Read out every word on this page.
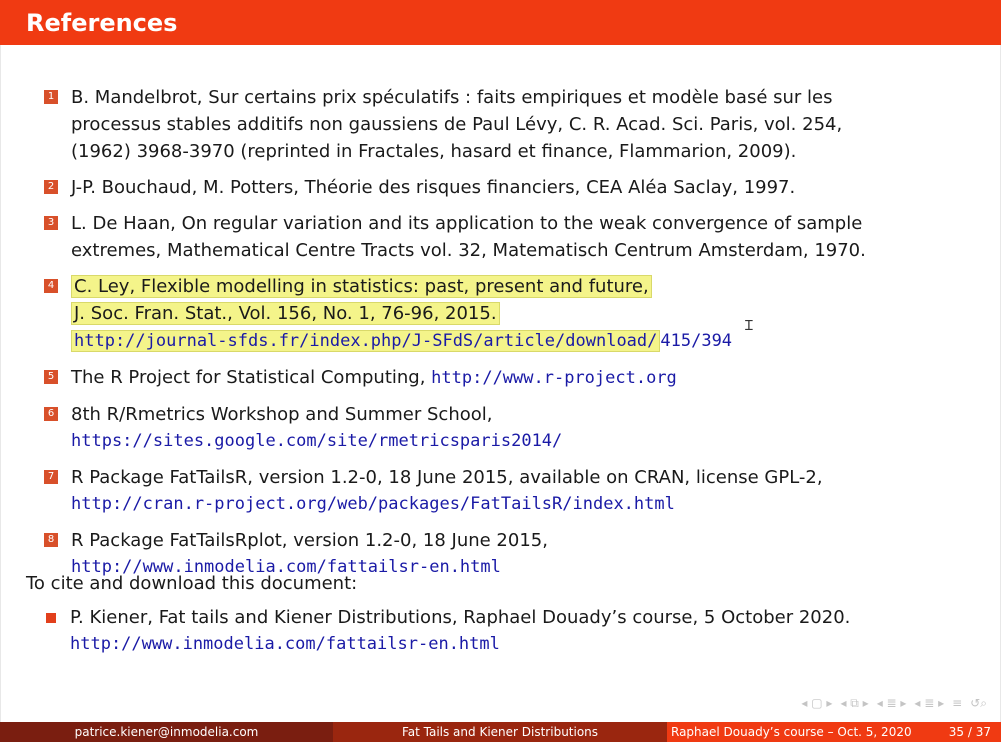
References
1 B. Mandelbrot, Sur certains prix spéculatifs : faits empiriques et modèle basé sur les
processus stables additifs non gaussiens de Paul Lévy, C. R. Acad. Sci. Paris, vol. 254,
(1962) 3968-3970 (reprinted in Fractales, hasard et finance, Flammarion, 2009).
2 J-P. Bouchaud, M. Potters, Théorie des risques financiers, CEA Aléa Saclay, 1997.
3 L. De Haan, On regular variation and its application to the weak convergence of sample
extremes, Mathematical Centre Tracts vol. 32, Matematisch Centrum Amsterdam, 1970.
4 C. Ley, Flexible modelling in statistics: past, present and future,
J. Soc. Fran. Stat., Vol. 156, No. 1, 76-96, 2015.
http://journal-sfds.fr/index.php/J-SFdS/article/download/ 415/394
5 The R Project for Statistical Computing, http://www.r-project.org
6 8th R/Rmetrics Workshop and Summer School,
https://sites.google.com/site/rmetricsparis2014/
7 R Package FatTailsR, version 1.2-0, 18 June 2015, available on CRAN, license GPL-2,
http://cran.r-project.org/web/packages/FatTailsR/index.html
8 R Package FatTailsRplot, version 1.2-0, 18 June 2015,
http://www.inmodelia.com/fattailsr-en.html
Ɪ
To cite and download this document:
P. Kiener, Fat tails and Kiener Distributions, Raphael Douady’s course, 5 October 2020.
http://www.inmodelia.com/fattailsr-en.html
◂ ▢ ▸ ◂ ⧉ ▸ ◂ ≣ ▸ ◂ ≣ ▸ ≡ ↺⌕
patrice.kiener@inmodelia.com	Fat Tails and Kiener Distributions	Raphael Douady’s course – Oct. 5, 2020	35 / 37
